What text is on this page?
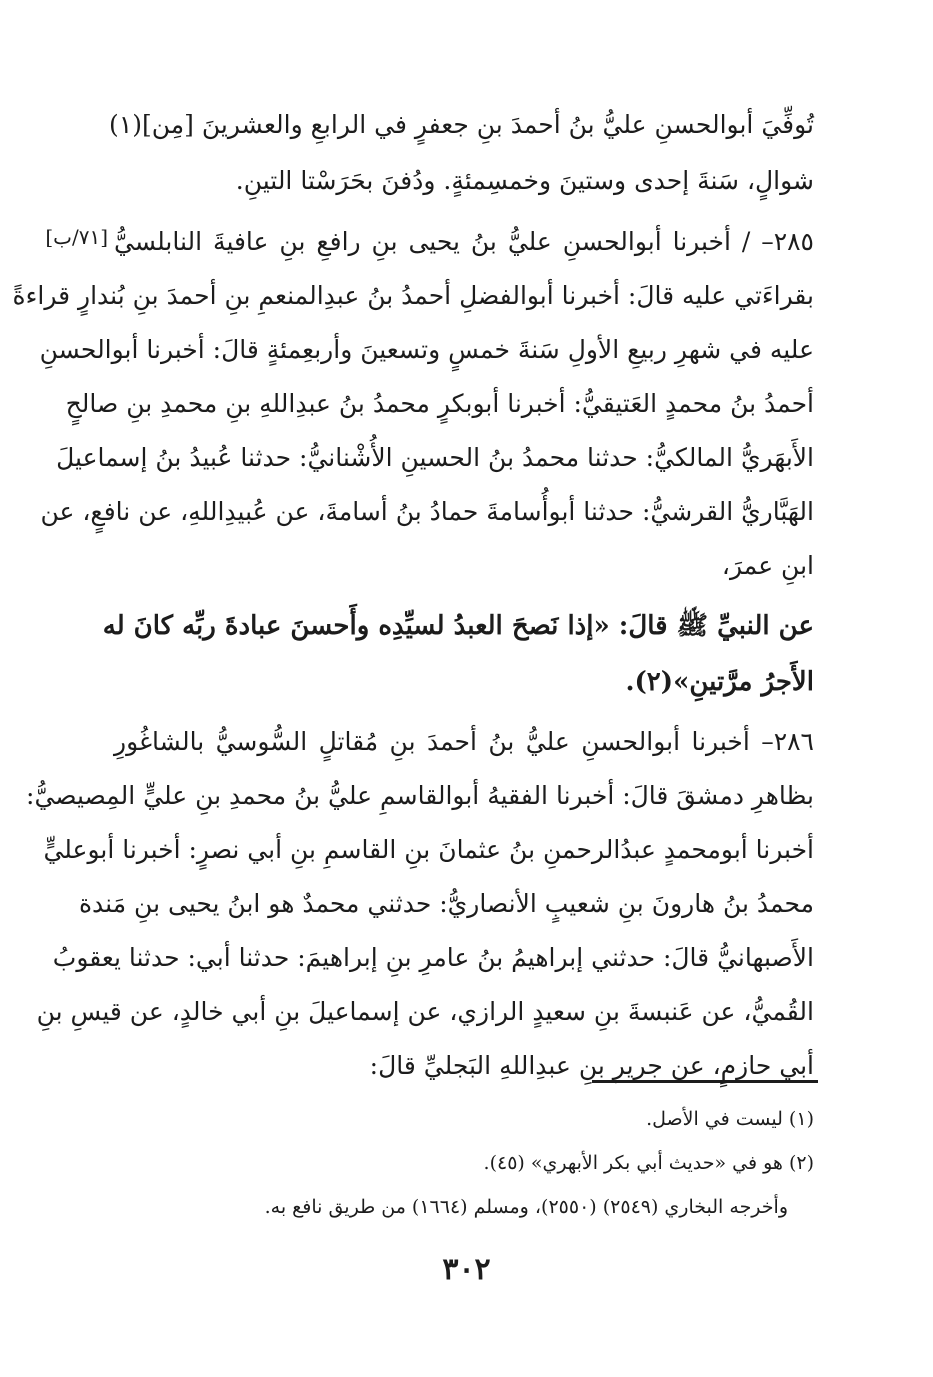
[٧١/ب]
تُوفِّيَ أبوالحسنِ عليُّ بنُ أحمدَ بنِ جعفرٍ في الرابعِ والعشرينَ [مِن](١)
شوالٍ، سَنةَ إحدى وستينَ وخمسِمئةٍ. ودُفنَ بحَرَسْتا التينِ.
٢٨٥– / أخبرنا أبوالحسنِ عليُّ بنُ يحيى بنِ رافعِ بنِ عافيةَ النابلسيُّ
بقراءَتي عليه قالَ: أخبرنا أبوالفضلِ أحمدُ بنُ عبدِالمنعمِ بنِ أحمدَ بنِ بُندارٍ قراءةً
عليه في شهرِ ربيعِ الأولِ سَنةَ خمسٍ وتسعينَ وأربعِمئةٍ قالَ: أخبرنا أبوالحسنِ
أحمدُ بنُ محمدٍ العَتيقيُّ: أخبرنا أبوبكرٍ محمدُ بنُ عبدِاللهِ بنِ محمدِ بنِ صالحٍ
الأَبهَريُّ المالكيُّ: حدثنا محمدُ بنُ الحسينِ الأُشْنانيُّ: حدثنا عُبيدُ بنُ إسماعيلَ
الهَبَّاريُّ القرشيُّ: حدثنا أبوأُسامةَ حمادُ بنُ أسامةَ، عن عُبيدِاللهِ، عن نافعٍ، عن
ابنِ عمرَ،
عن النبيِّ ﷺ قالَ: «إذا نَصحَ العبدُ لسيِّدِه وأَحسنَ عبادةَ ربِّه كانَ له
الأَجرُ مرَّتينِ»(٢).
٢٨٦– أخبرنا أبوالحسنِ عليُّ بنُ أحمدَ بنِ مُقاتلٍ السُّوسيُّ بالشاغُورِ
بظاهرِ دمشقَ قالَ: أخبرنا الفقيهُ أبوالقاسمِ عليُّ بنُ محمدِ بنِ عليٍّ المِصيصيُّ:
أخبرنا أبومحمدٍ عبدُالرحمنِ بنُ عثمانَ بنِ القاسمِ بنِ أبي نصرٍ: أخبرنا أبوعليٍّ
محمدُ بنُ هارونَ بنِ شعيبٍ الأنصاريُّ: حدثني محمدٌ هو ابنُ يحيى بنِ مَندة
الأَصبهانيُّ قالَ: حدثني إبراهيمُ بنُ عامرِ بنِ إبراهيمَ: حدثنا أبي: حدثنا يعقوبُ
القُميُّ، عن عَنبسةَ بنِ سعيدٍ الرازي، عن إسماعيلَ بنِ أبي خالدٍ، عن قيسِ بنِ
أبي حازمٍ، عن جريرِ بنِ عبدِاللهِ البَجليِّ قالَ:
(١) ليست في الأصل.
(٢) هو في «حديث أبي بكر الأبهري» (٤٥).
وأخرجه البخاري (٢٥٤٩) (٢٥٥٠)، ومسلم (١٦٦٤) من طريق نافع به.
٣٠٢
